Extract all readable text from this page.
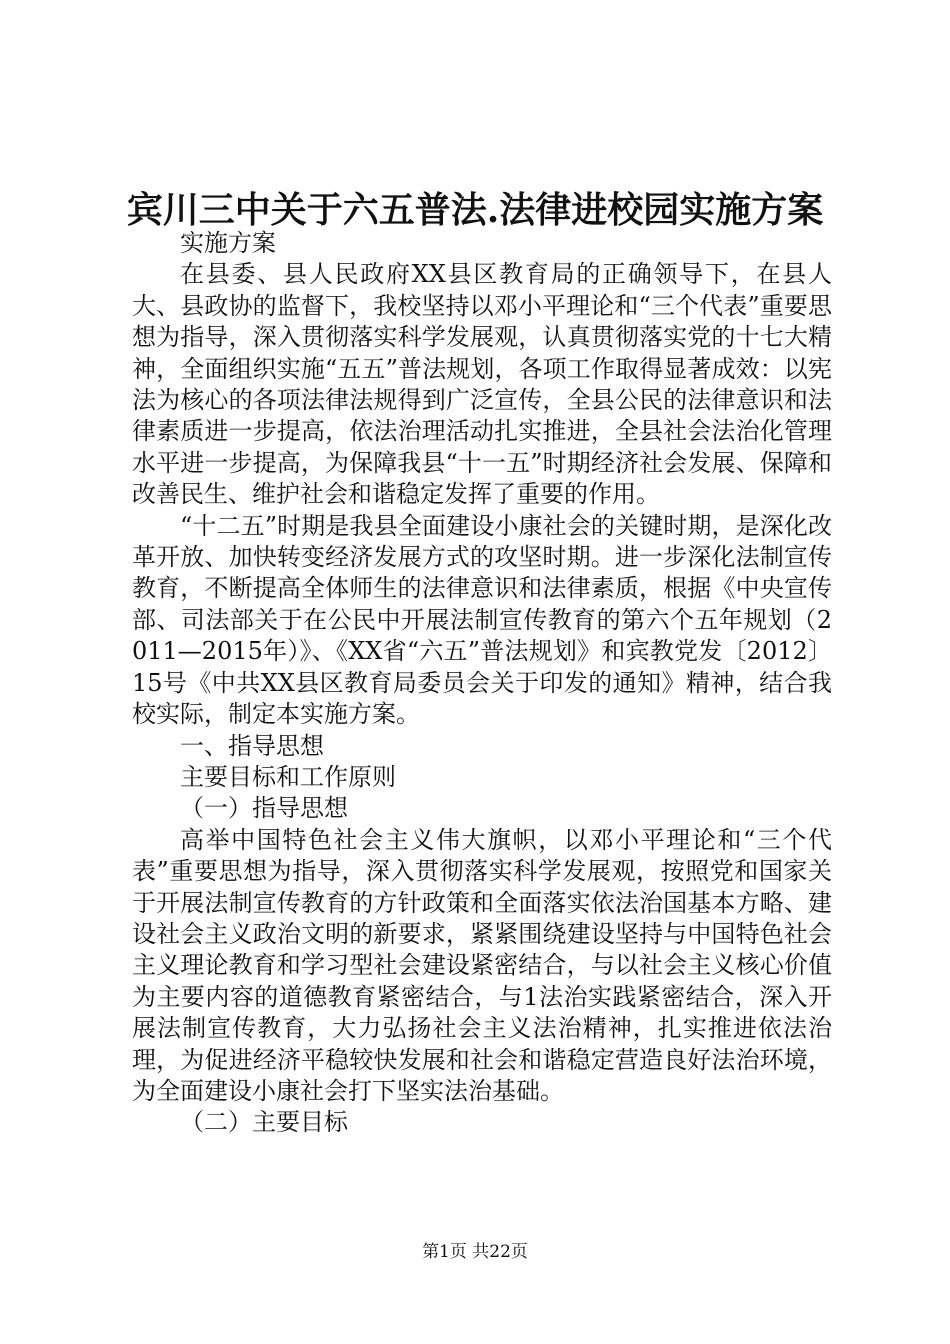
宾川三中关于六五普法.法律进校园实施方案

实施方案

在县委、县人民政府XX县区教育局的正确领导下，在县人大、县政协的监督下，我校坚持以邓小平理论和“三个代表”重要思想为指导，深入贯彻落实科学发展观，认真贯彻落实党的十七大精神，全面组织实施“五五”普法规划，各项工作取得显著成效：以宪法为核心的各项法律法规得到广泛宣传，全县公民的法律意识和法律素质进一步提高，依法治理活动扎实推进，全县社会法治化管理水平进一步提高，为保障我县“十一五”时期经济社会发展、保障和改善民生、维护社会和谐稳定发挥了重要的作用。

“十二五”时期是我县全面建设小康社会的关键时期，是深化改革开放、加快转变经济发展方式的攻坚时期。进一步深化法制宣传教育，不断提高全体师生的法律意识和法律素质，根据《中央宣传部、司法部关于在公民中开展法制宣传教育的第六个五年规划（2011—2015年）》、《XX省“六五”普法规划》和宾教党发〔2012〕15号《中共XX县区教育局委员会关于印发的通知》精神，结合我校实际，制定本实施方案。

一、指导思想

主要目标和工作原则

（一）指导思想

高举中国特色社会主义伟大旗帜，以邓小平理论和“三个代表”重要思想为指导，深入贯彻落实科学发展观，按照党和国家关于开展法制宣传教育的方针政策和全面落实依法治国基本方略、建设社会主义政治文明的新要求，紧紧围绕建设坚持与中国特色社会主义理论教育和学习型社会建设紧密结合，与以社会主义核心价值为主要内容的道德教育紧密结合，与1法治实践紧密结合，深入开展法制宣传教育，大力弘扬社会主义法治精神，扎实推进依法治理，为促进经济平稳较快发展和社会和谐稳定营造良好法治环境，为全面建设小康社会打下坚实法治基础。

（二）主要目标

第1页 共22页
